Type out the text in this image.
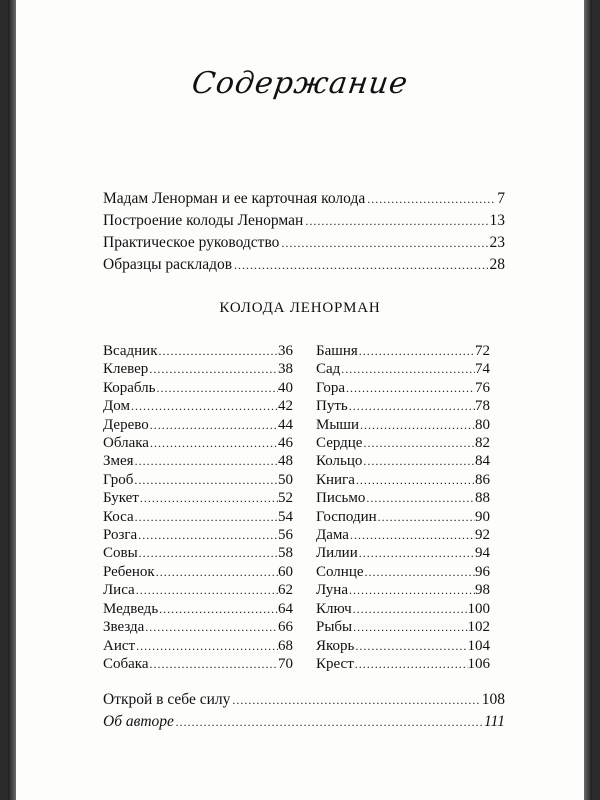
Содержание
Мадам Ленорман и ее карточная колода .....	7
Построение колоды Ленорман .....	13
Практическое руководство .....	23
Образцы раскладов .....	28
КОЛОДА ЛЕНОРМАН
Всадник .....	36
Клевер .....	38
Корабль .....	40
Дом .....	42
Дерево .....	44
Облака .....	46
Змея .....	48
Гроб .....	50
Букет .....	52
Коса .....	54
Розга .....	56
Совы .....	58
Ребенок .....	60
Лиса .....	62
Медведь .....	64
Звезда .....	66
Аист .....	68
Собака .....	70
Башня .....	72
Сад .....	74
Гора .....	76
Путь .....	78
Мыши .....	80
Сердце .....	82
Кольцо .....	84
Книга .....	86
Письмо .....	88
Господин .....	90
Дама .....	92
Лилии .....	94
Солнце .....	96
Луна .....	98
Ключ .....	100
Рыбы .....	102
Якорь .....	104
Крест .....	106
Открой в себе силу .....	108
Об авторе .....	111
